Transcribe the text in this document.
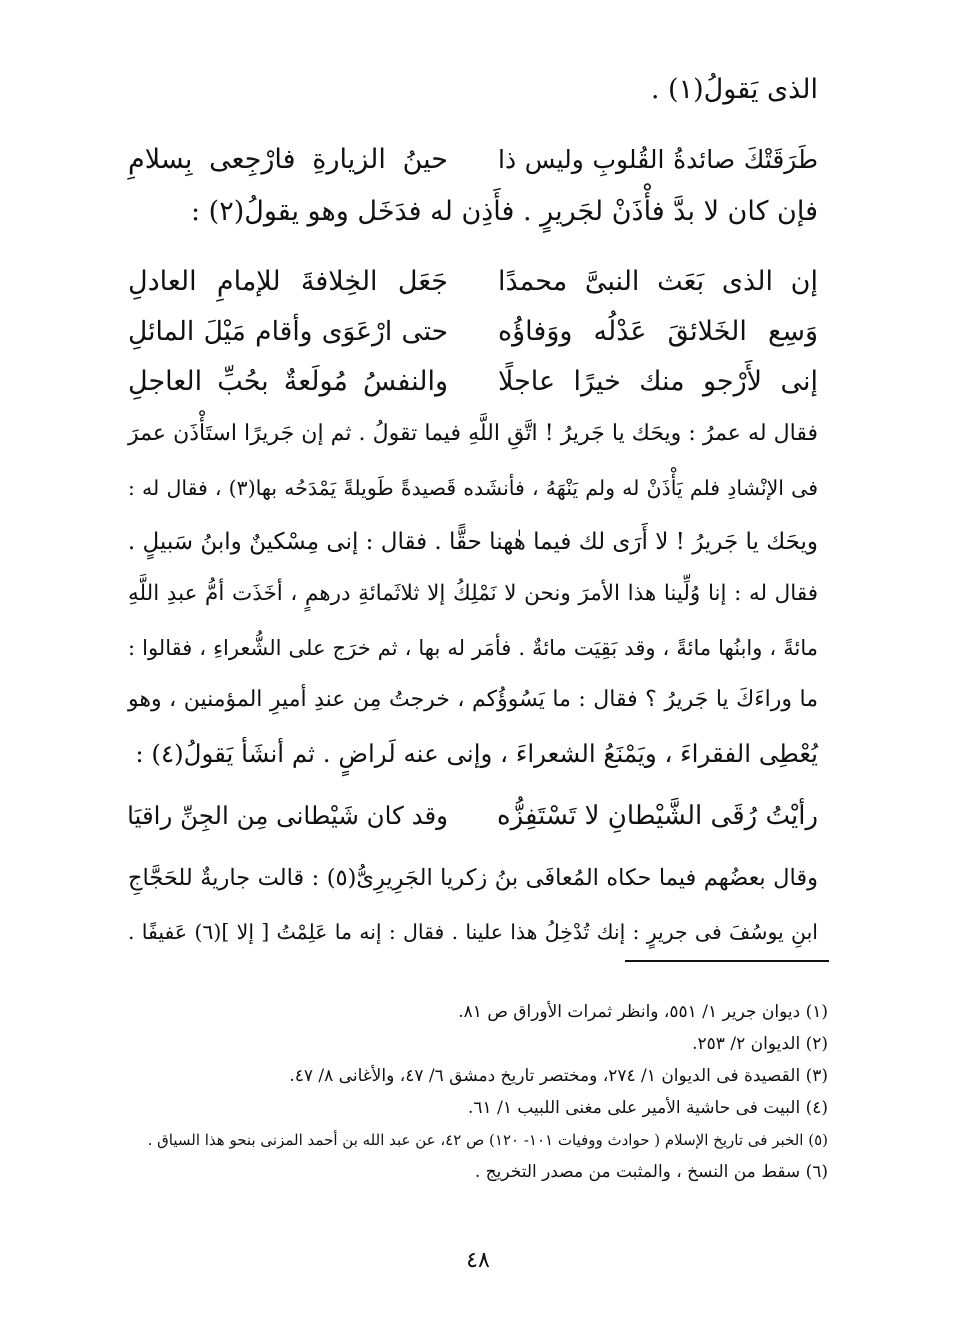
الذى يَقولُ(١) .
طَرَقَتْكَ صائدةُ القُلوبِ وليس ذا
حينُ الزيارةِ فارْجِعى بِسلامِ
فإن كان لا بدَّ فأْذَنْ لجَريرٍ . فأَذِن له فدَخَل وهو يقولُ(٢) :
إن الذى بَعَث النبىَّ محمدًا
جَعَل الخِلافةَ للإمامِ العادلِ
وَسِع الخَلائقَ عَدْلُه ووَفاؤُه
حتى ارْعَوَى وأقام مَيْلَ المائلِ
إنى لأَرْجو منك خيرًا عاجلًا
والنفسُ مُولَعةٌ بحُبِّ العاجلِ
فقال له عمرُ : ويحَك يا جَريرُ ! اتَّقِ اللَّهِ فيما تقولُ . ثم إن جَريرًا استَأْذَن عمرَ
فى الإنْشادِ فلم يَأْذَنْ له ولم يَنْهَهُ ، فأنشَده قَصيدةً طَويلةً يَمْدَحُه بها(٣) ، فقال له :
ويحَك يا جَريرُ ! لا أَرَى لك فيما هٰهنا حقًّا . فقال : إنى مِسْكينٌ وابنُ سَبيلٍ .
فقال له : إنا وُلِّينا هذا الأمرَ ونحن لا نَمْلِكُ إلا ثلاثَمائةِ درهمٍ ، أخَذَت أمُّ عبدِ اللَّهِ
مائةً ، وابنُها مائةً ، وقد بَقِيَت مائةٌ . فأمَر له بها ، ثم خرَج على الشُّعراءِ ، فقالوا :
ما وراءَكَ يا جَريرُ ؟ فقال : ما يَسُوؤُكم ، خرجتُ مِن عندِ أميرِ المؤمنين ، وهو
يُعْطِى الفقراءَ ، ويَمْنَعُ الشعراءَ ، وإنى عنه لَراضٍ . ثم أنشَأ يَقولُ(٤) :
رأيْتُ رُقَى الشَّيْطانِ لا تَسْتَفِزُّه
وقد كان شَيْطانى مِن الجِنِّ راقيَا
وقال بعضُهم فيما حكاه المُعافَى بنُ زكريا الجَرِيرِىُّ(٥) : قالت جاريةٌ للحَجَّاجِ
ابنِ يوسُفَ فى جريرٍ : إنك تُدْخِلُ هذا علينا . فقال : إنه ما عَلِمْتُ [ إلا ](٦) عَفيفًا .
(١) ديوان جرير ١/ ٥٥١، وانظر ثمرات الأوراق ص ٨١.
(٢) الديوان ٢/ ٢٥٣.
(٣) القصيدة فى الديوان ١/ ٢٧٤، ومختصر تاريخ دمشق ٦/ ٤٧، والأغانى ٨/ ٤٧.
(٤) البيت فى حاشية الأمير على مغنى اللبيب ١/ ٦١.
(٥) الخبر فى تاريخ الإسلام ( حوادث ووفيات ١٠١- ١٢٠) ص ٤٢، عن عبد الله بن أحمد المزنى بنحو هذا السياق .
(٦) سقط من النسخ ، والمثبت من مصدر التخريج .
٤٨
